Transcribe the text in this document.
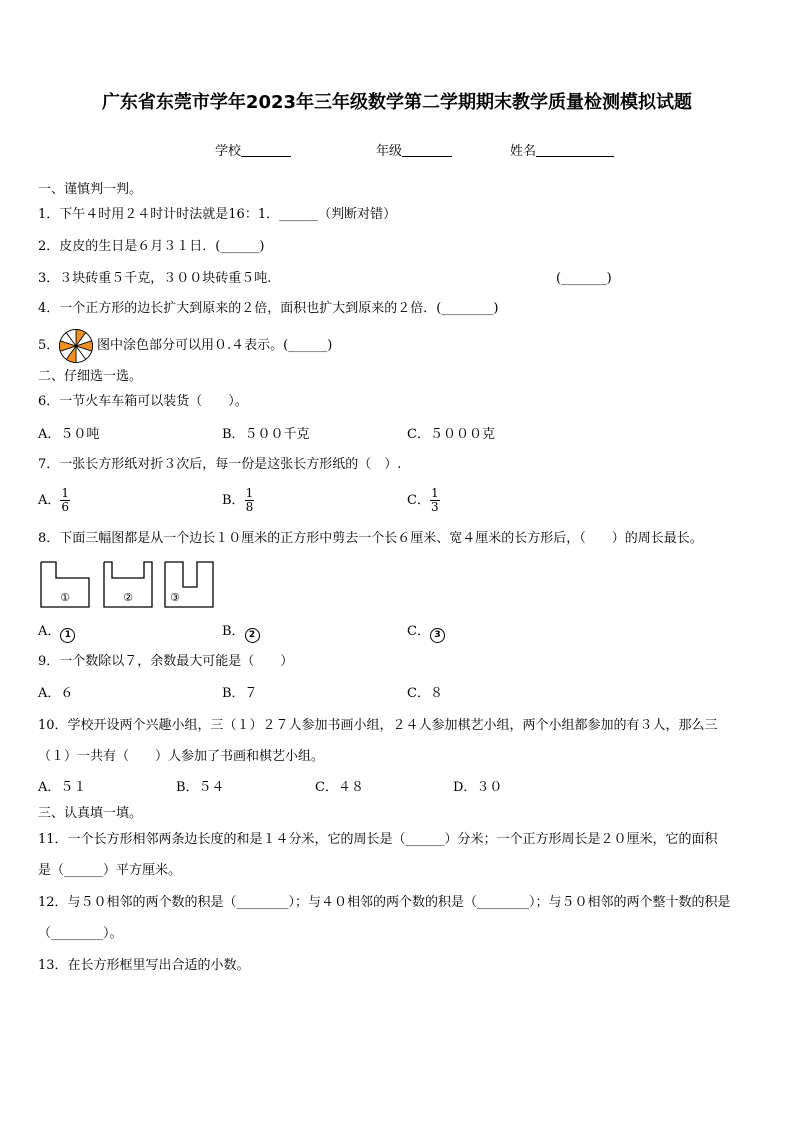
广东省东莞市学年2023年三年级数学第二学期期末教学质量检测模拟试题
学校	年级	姓名
一、谨慎判一判。
1．下午４时用２４时计时法就是16：1．______（判断对错）
2．皮皮的生日是６月３１日．(______)
3．３块砖重５千克，３００块砖重５吨.	(_______)
4．一个正方形的边长扩大到原来的２倍，面积也扩大到原来的２倍．(________)
5．	图中涂色部分可以用０.４表示。(______)
二、仔细选一选。
6．一节火车车箱可以装货（　　）。
A．５０吨	B．５００千克	C．５０００克
7．一张长方形纸对折３次后，每一份是这张长方形纸的（　）.
A． $\frac{1}{6}$	B． $\frac{1}{8}$	C． $\frac{1}{3}$
8．下面三幅图都是从一个边长１０厘米的正方形中剪去一个长６厘米、宽４厘米的长方形后，（　　）的周长最长。
①	②	③
A． 1	B． 2	C． 3
9．一个数除以７，余数最大可能是（　　）
A．６	B．７	C．８
10．学校开设两个兴趣小组，三（１）２７人参加书画小组，２４人参加棋艺小组，两个小组都参加的有３人，那么三
（１）一共有（　　）人参加了书画和棋艺小组。
A．５１	B．５４	C．４８	D．３０
三、认真填一填。
11．一个长方形相邻两条边长度的和是１４分米，它的周长是（______）分米；一个正方形周长是２０厘米，它的面积
是（______）平方厘米。
12．与５０相邻的两个数的积是（________）；与４０相邻的两个数的积是（________）；与５０相邻的两个整十数的积是
（________）。
13．在长方形框里写出合适的小数。
